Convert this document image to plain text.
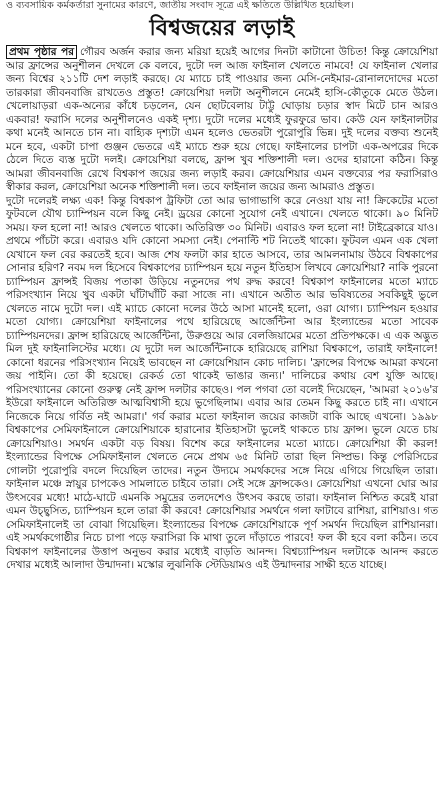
ও ব্যবসায়িক কর্মকর্তারা সুনামের কারণে, জাতীয় সংবাদ সূত্রে এই ক্ষতিতে উল্লিখিত হয়েছিল।
বিশ্বজয়ের লড়াই

প্রথম পৃষ্ঠার পর গৌরব অর্জন করার জন্য মরিয়া হয়েই আগের দিনটা কাটানো উচিত! কিন্তু ক্রোয়েশিয়া আর ফ্রান্সের অনুশীলন দেখলে কে বলবে, দুটো দল আজ ফাইনাল খেলতে নামবে! যে ফাইনাল খেলার জন্য বিশ্বের ২১১টি দেশ লড়াই করছে। যে ম্যাচে চাই পাওয়ার জন্য মেসি-নেইমার-রোনালদোদের মতো তারকারা জীবনবাজি রাখতেও প্রস্তুত! ক্রোয়েশিয়া দলটা অনুশীলনে নেমেই হাসি-কৌতুকে মেতে উঠল। খেলোয়াড়রা এক-অন্যের কাঁধে চড়লেন, যেন ছোটবেলায় টাট্টু ঘোড়ায় চড়ার স্বাদ মিটে চান আরও একবার! ফরাসি দলের অনুশীলনেও একই দৃশ্য। দুটো দলের মধ্যেই ফুরফুরে ভাব। কেউ যেন ফাইনালটার কথা মনেই আনতে চান না। বাহ্যিক দৃশ্যটা এমন হলেও ভেতরটা পুরোপুরি ভিন্ন। দুই দলের বক্তব্য শুনেই মনে হবে, একটা চাপা গুঞ্জন ভেতরে এই ম্যাচে শুরু হয়ে গেছে। ফাইনালের চাপটা এক-অপরের দিকে ঠেলে দিতে ব্যস্ত দুটো দলই। ক্রোয়েশিয়া বলছে, ফ্রান্স খুব শক্তিশালী দল। ওদের হারানো কঠিন। কিন্তু আমরা জীবনবাজি রেখে বিশ্বকাপ জয়ের জন্য লড়াই করব। ক্রোয়েশিয়ার এমন বক্তব্যের পর ফরাসিরাও স্বীকার করল, ক্রোয়েশিয়া অনেক শক্তিশালী দল। তবে ফাইনাল জয়ের জন্য আমরাও প্রস্তুত।

দুটো দলেরই লক্ষ্য এক! কিন্তু বিশ্বকাপ ট্রফিটা তো আর ভাগাভাগি করে নেওয়া যায় না! ক্রিকেটের মতো ফুটবলে যৌথ চ্যাম্পিয়ন বলে কিছু নেই। ড্রয়ের কোনো সুযোগ নেই এখানে। খেলতে থাকো। ৯০ মিনিট সময়। ফল হলো না! আরও খেলতে থাকো। অতিরিক্ত ৩০ মিনিট। এবারও ফল হলো না! টাইব্রেকারে যাও। প্রথমে পাঁচটা করে। এবারও যদি কোনো সমস্যা নেই। পেনাল্টি শট নিতেই থাকো। ফুটবল এমন এক খেলা যেখানে ফল বের করতেই হবে। আজ শেষ ফলটা কার হাতে আসবে, তার আমলনামায় উঠবে বিশ্বকাপের সোনার হরিণ? নবম দল হিসেবে বিশ্বকাপের চ্যাম্পিয়ন হয়ে নতুন ইতিহাস লিখবে ক্রোয়েশিয়া? নাকি পুরনো চ্যাম্পিয়ন ফ্রান্সই বিজয় পতাকা উড়িয়ে নতুনদের পথ রুদ্ধ করবে! বিশ্বকাপ ফাইনালের মতো ম্যাচে পরিসংখ্যান নিয়ে খুব একটা ঘাঁটাঘাঁটি করা সাজে না। এখানে অতীত আর ভবিষ্যতের সবকিছুই ভুলে খেলতে নামে দুটো দল। এই ম্যাচে কোনো দলের উঠে আসা মানেই হলো, ওরা যোগ্য। চ্যাম্পিয়ন হওয়ার মতো যোগ্য। ক্রোয়েশিয়া ফাইনালের পথে হারিয়েছে আর্জেন্টিনা আর ইংল্যান্ডের মতো সাবেক চ্যাম্পিয়নদের। ফ্রান্স হারিয়েছে আর্জেন্টিনা, উরুগুয়ে আর বেলজিয়ামের মতো প্রতিপক্ষকে। এ এক অদ্ভুত মিল দুই ফাইনালিস্টের মধ্যে। যে দুটো দল আর্জেন্টিনাকে হারিয়েছে রাশিয়া বিশ্বকাপে, তারাই ফাইনালে! কোনো ধরনের পরিসংখ্যান নিয়েই ভাবছেন না ক্রোয়েশিয়ান কোচ দালিচ। 'ফ্রান্সের বিপক্ষে আমরা কখনো জয় পাইনি। তো কী হয়েছে। রেকর্ড তো থাকেই ভাঙার জন্য।' দালিচের কথায় বেশ যুক্তি আছে। পরিসংখ্যানের কোনো গুরুত্ব নেই ফ্রান্স দলটার কাছেও। পল পগবা তো বলেই দিয়েছেন, 'আমরা ২০১৬'র ইউরো ফাইনালে অতিরিক্ত আত্মবিশ্বাসী হয়ে ভুগেছিলাম। এবার আর তেমন কিছু করতে চাই না। এখানে নিজেকে নিয়ে গর্বিত নই আমরা।' গর্ব করার মতো ফাইনাল জয়ের কাজটা বাকি আছে এখনো। ১৯৯৮ বিশ্বকাপের সেমিফাইনালে ক্রোয়েশিয়াকে হারানোর ইতিহাসটা ভুলেই থাকতে চায় ফ্রান্স। ভুলে যেতে চায় ক্রোয়েশিয়াও। সমর্থন একটা বড় বিষয়। বিশেষ করে ফাইনালের মতো ম্যাচে। ক্রোয়েশিয়া কী করল! ইংল্যান্ডের বিপক্ষে সেমিফাইনাল খেলতে নেমে প্রথম ৬৫ মিনিট তারা ছিল নিষ্প্রভ। কিন্তু পেরিসিচের গোলটা পুরোপুরি বদলে দিয়েছিল তাদের। নতুন উদ্যমে সমর্থকদের সঙ্গে নিয়ে এগিয়ে গিয়েছিল তারা। ফাইনাল মঞ্চে স্নায়ুর চাপকেও সামলাতে চাইবে তারা। সেই সঙ্গে ফ্রান্সকেও। ক্রোয়েশিয়া এখনো ঘোর আর উৎসবের মধ্যে! মাঠে-ঘাটে এমনকি সমুদ্রের তলদেশেও উৎসব করছে তারা। ফাইনাল নিশ্চিত করেই যারা এমন উচ্ছ্বসিত, চ্যাম্পিয়ন হলে তারা কী করবে! ক্রোয়েশিয়ার সমর্থনে গলা ফাটাবে রাশিয়া, রাশিয়াও। গত সেমিফাইনালেই তা বোঝা গিয়েছিল। ইংল্যান্ডের বিপক্ষে ক্রোয়েশিয়াকে পূর্ণ সমর্থন দিয়েছিল রাশিয়ানরা। এই সমর্থকগোষ্ঠীর নিচে চাপা পড়ে ফরাসিরা কি মাথা তুলে দাঁড়াতে পারবে! ফল কী হবে বলা কঠিন। তবে বিশ্বকাপ ফাইনালের উত্তাপ অনুভব করার মধ্যেই বাড়তি আনন্দ। বিশ্বচ্যাম্পিয়ন দলটাকে আনন্দ করতে দেখার মধ্যেই আলাদা উন্মাদনা। মস্কোর লুঝনিকি স্টেডিয়ামও এই উন্মাদনার সাক্ষী হতে যাচ্ছে।
